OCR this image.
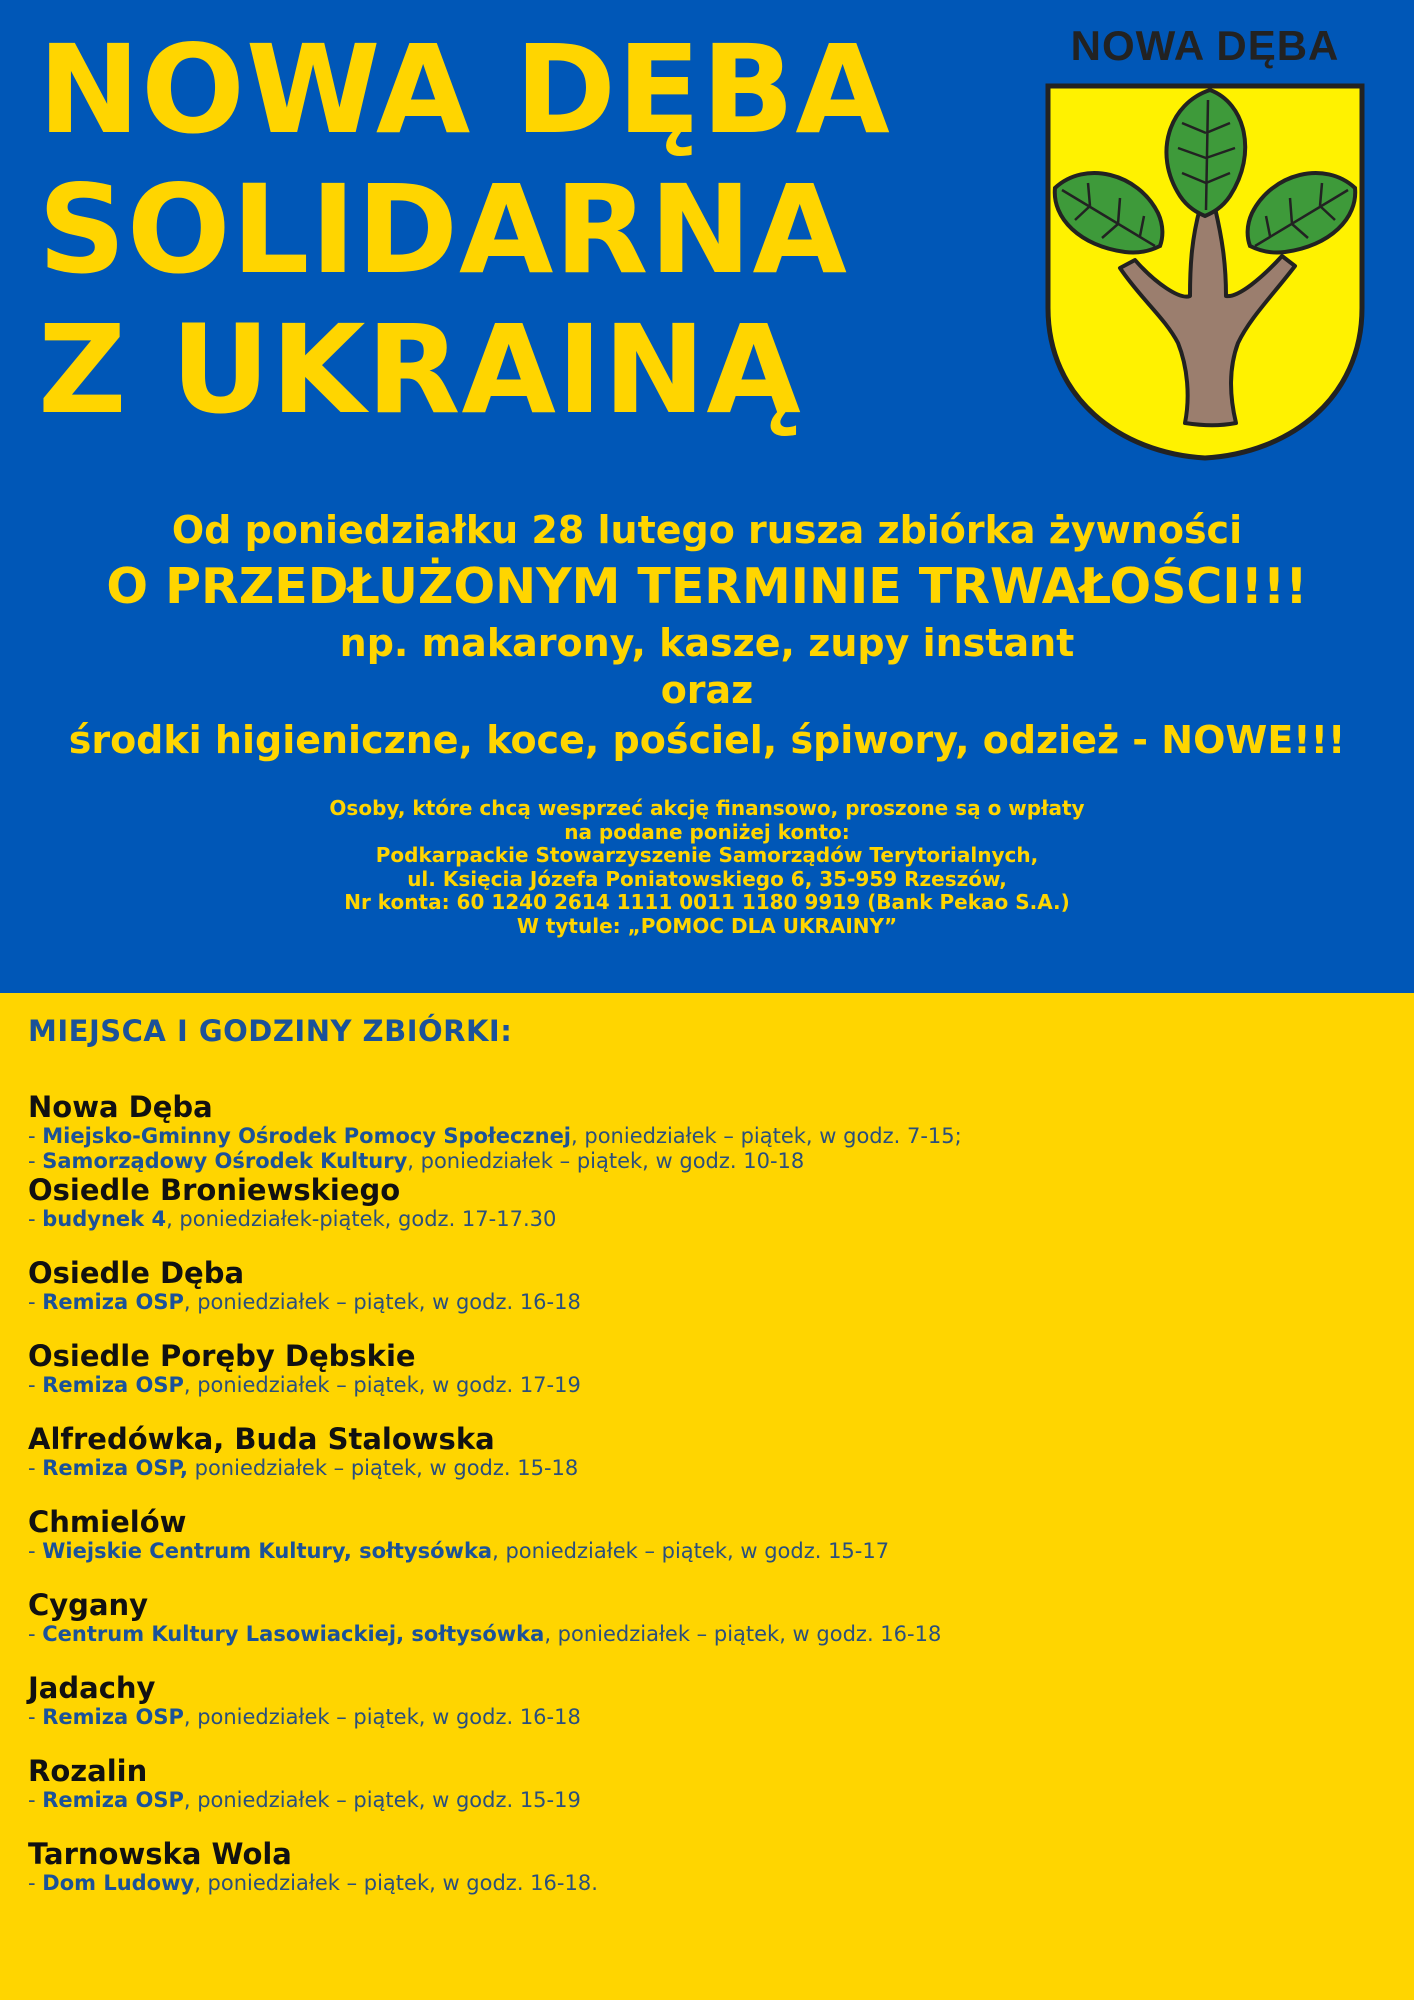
NOWA DĘBA
SOLIDARNA
Z UKRAINĄ
NOWA DĘBA
Od poniedziałku 28 lutego rusza zbiórka żywności
O PRZEDŁUŻONYM TERMINIE TRWAŁOŚCI!!!
np. makarony, kasze, zupy instant
oraz
środki higieniczne, koce, pościel, śpiwory, odzież - NOWE!!!
Osoby, które chcą wesprzeć akcję finansowo, proszone są o wpłaty
na podane poniżej konto:
Podkarpackie Stowarzyszenie Samorządów Terytorialnych,
ul. Księcia Józefa Poniatowskiego 6, 35-959 Rzeszów,
Nr konta: 60 1240 2614 1111 0011 1180 9919 (Bank Pekao S.A.)
W tytule: „POMOC DLA UKRAINY”
MIEJSCA I GODZINY ZBIÓRKI:
Nowa Dęba
- Miejsko-Gminny Ośrodek Pomocy Społecznej, poniedziałek – piątek, w godz. 7-15;
- Samorządowy Ośrodek Kultury, poniedziałek – piątek, w godz. 10-18
Osiedle Broniewskiego
- budynek 4, poniedziałek-piątek, godz. 17-17.30
Osiedle Dęba
- Remiza OSP, poniedziałek – piątek, w godz. 16-18
Osiedle Poręby Dębskie
- Remiza OSP, poniedziałek – piątek, w godz. 17-19
Alfredówka, Buda Stalowska
- Remiza OSP, poniedziałek – piątek, w godz. 15-18
Chmielów
- Wiejskie Centrum Kultury, sołtysówka, poniedziałek – piątek, w godz. 15-17
Cygany
- Centrum Kultury Lasowiackiej, sołtysówka, poniedziałek – piątek, w godz. 16-18
Jadachy
- Remiza OSP, poniedziałek – piątek, w godz. 16-18
Rozalin
- Remiza OSP, poniedziałek – piątek, w godz. 15-19
Tarnowska Wola
- Dom Ludowy, poniedziałek – piątek, w godz. 16-18.
